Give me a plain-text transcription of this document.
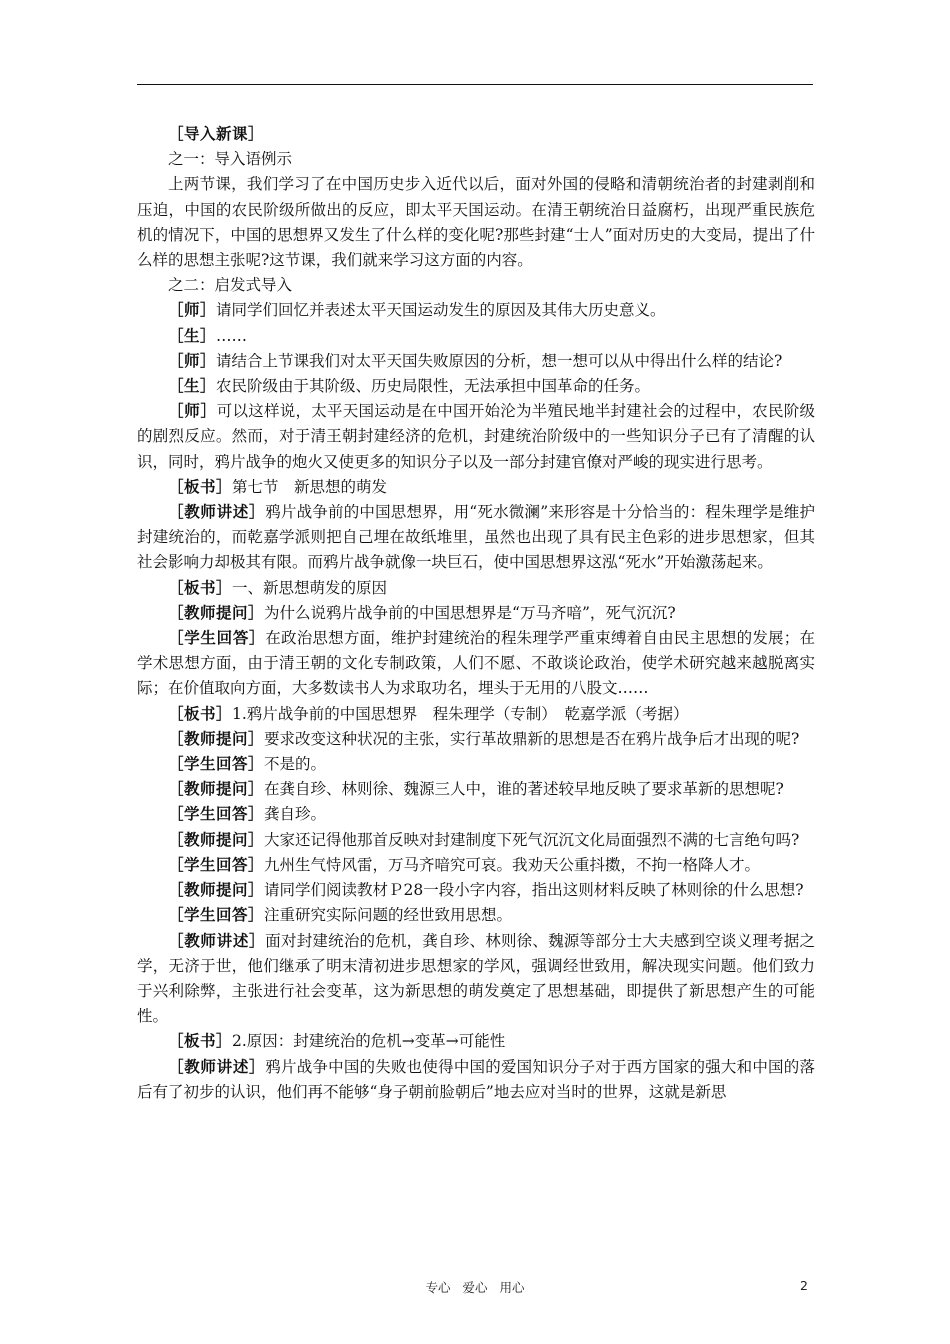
［导入新课］

之一：导入语例示

上两节课，我们学习了在中国历史步入近代以后，面对外国的侵略和清朝统治者的封建剥削和压迫，中国的农民阶级所做出的反应，即太平天国运动。在清王朝统治日益腐朽，出现严重民族危机的情况下，中国的思想界又发生了什么样的变化呢?那些封建“士人”面对历史的大变局，提出了什么样的思想主张呢?这节课，我们就来学习这方面的内容。

之二：启发式导入

［师］请同学们回忆并表述太平天国运动发生的原因及其伟大历史意义。

［生］……

［师］请结合上节课我们对太平天国失败原因的分析，想一想可以从中得出什么样的结论?

［生］农民阶级由于其阶级、历史局限性，无法承担中国革命的任务。

［师］可以这样说，太平天国运动是在中国开始沦为半殖民地半封建社会的过程中，农民阶级的剧烈反应。然而，对于清王朝封建经济的危机，封建统治阶级中的一些知识分子已有了清醒的认识，同时，鸦片战争的炮火又使更多的知识分子以及一部分封建官僚对严峻的现实进行思考。

［板书］第七节　新思想的萌发

［教师讲述］鸦片战争前的中国思想界，用“死水微澜”来形容是十分恰当的：程朱理学是维护封建统治的，而乾嘉学派则把自己埋在故纸堆里，虽然也出现了具有民主色彩的进步思想家，但其社会影响力却极其有限。而鸦片战争就像一块巨石，使中国思想界这泓“死水”开始激荡起来。

［板书］一、新思想萌发的原因

［教师提问］为什么说鸦片战争前的中国思想界是“万马齐喑”，死气沉沉?

［学生回答］在政治思想方面，维护封建统治的程朱理学严重束缚着自由民主思想的发展；在学术思想方面，由于清王朝的文化专制政策，人们不愿、不敢谈论政治，使学术研究越来越脱离实际；在价值取向方面，大多数读书人为求取功名，埋头于无用的八股文……

［板书］1.鸦片战争前的中国思想界　程朱理学（专制）　乾嘉学派（考据）

［教师提问］要求改变这种状况的主张，实行革故鼎新的思想是否在鸦片战争后才出现的呢?

［学生回答］不是的。

［教师提问］在龚自珍、林则徐、魏源三人中，谁的著述较早地反映了要求革新的思想呢?

［学生回答］龚自珍。

［教师提问］大家还记得他那首反映对封建制度下死气沉沉文化局面强烈不满的七言绝句吗?

［学生回答］九州生气恃风雷，万马齐喑究可哀。我劝天公重抖擞，不拘一格降人才。

［教师提问］请同学们阅读教材Ｐ28一段小字内容，指出这则材料反映了林则徐的什么思想?

［学生回答］注重研究实际问题的经世致用思想。

［教师讲述］面对封建统治的危机，龚自珍、林则徐、魏源等部分士大夫感到空谈义理考据之学，无济于世，他们继承了明末清初进步思想家的学风，强调经世致用，解决现实问题。他们致力于兴利除弊，主张进行社会变革，这为新思想的萌发奠定了思想基础，即提供了新思想产生的可能性。

［板书］2.原因：封建统治的危机→变革→可能性

［教师讲述］鸦片战争中国的失败也使得中国的爱国知识分子对于西方国家的强大和中国的落后有了初步的认识，他们再不能够“身子朝前脸朝后”地去应对当时的世界，这就是新思

专心 爱心 用心	2
